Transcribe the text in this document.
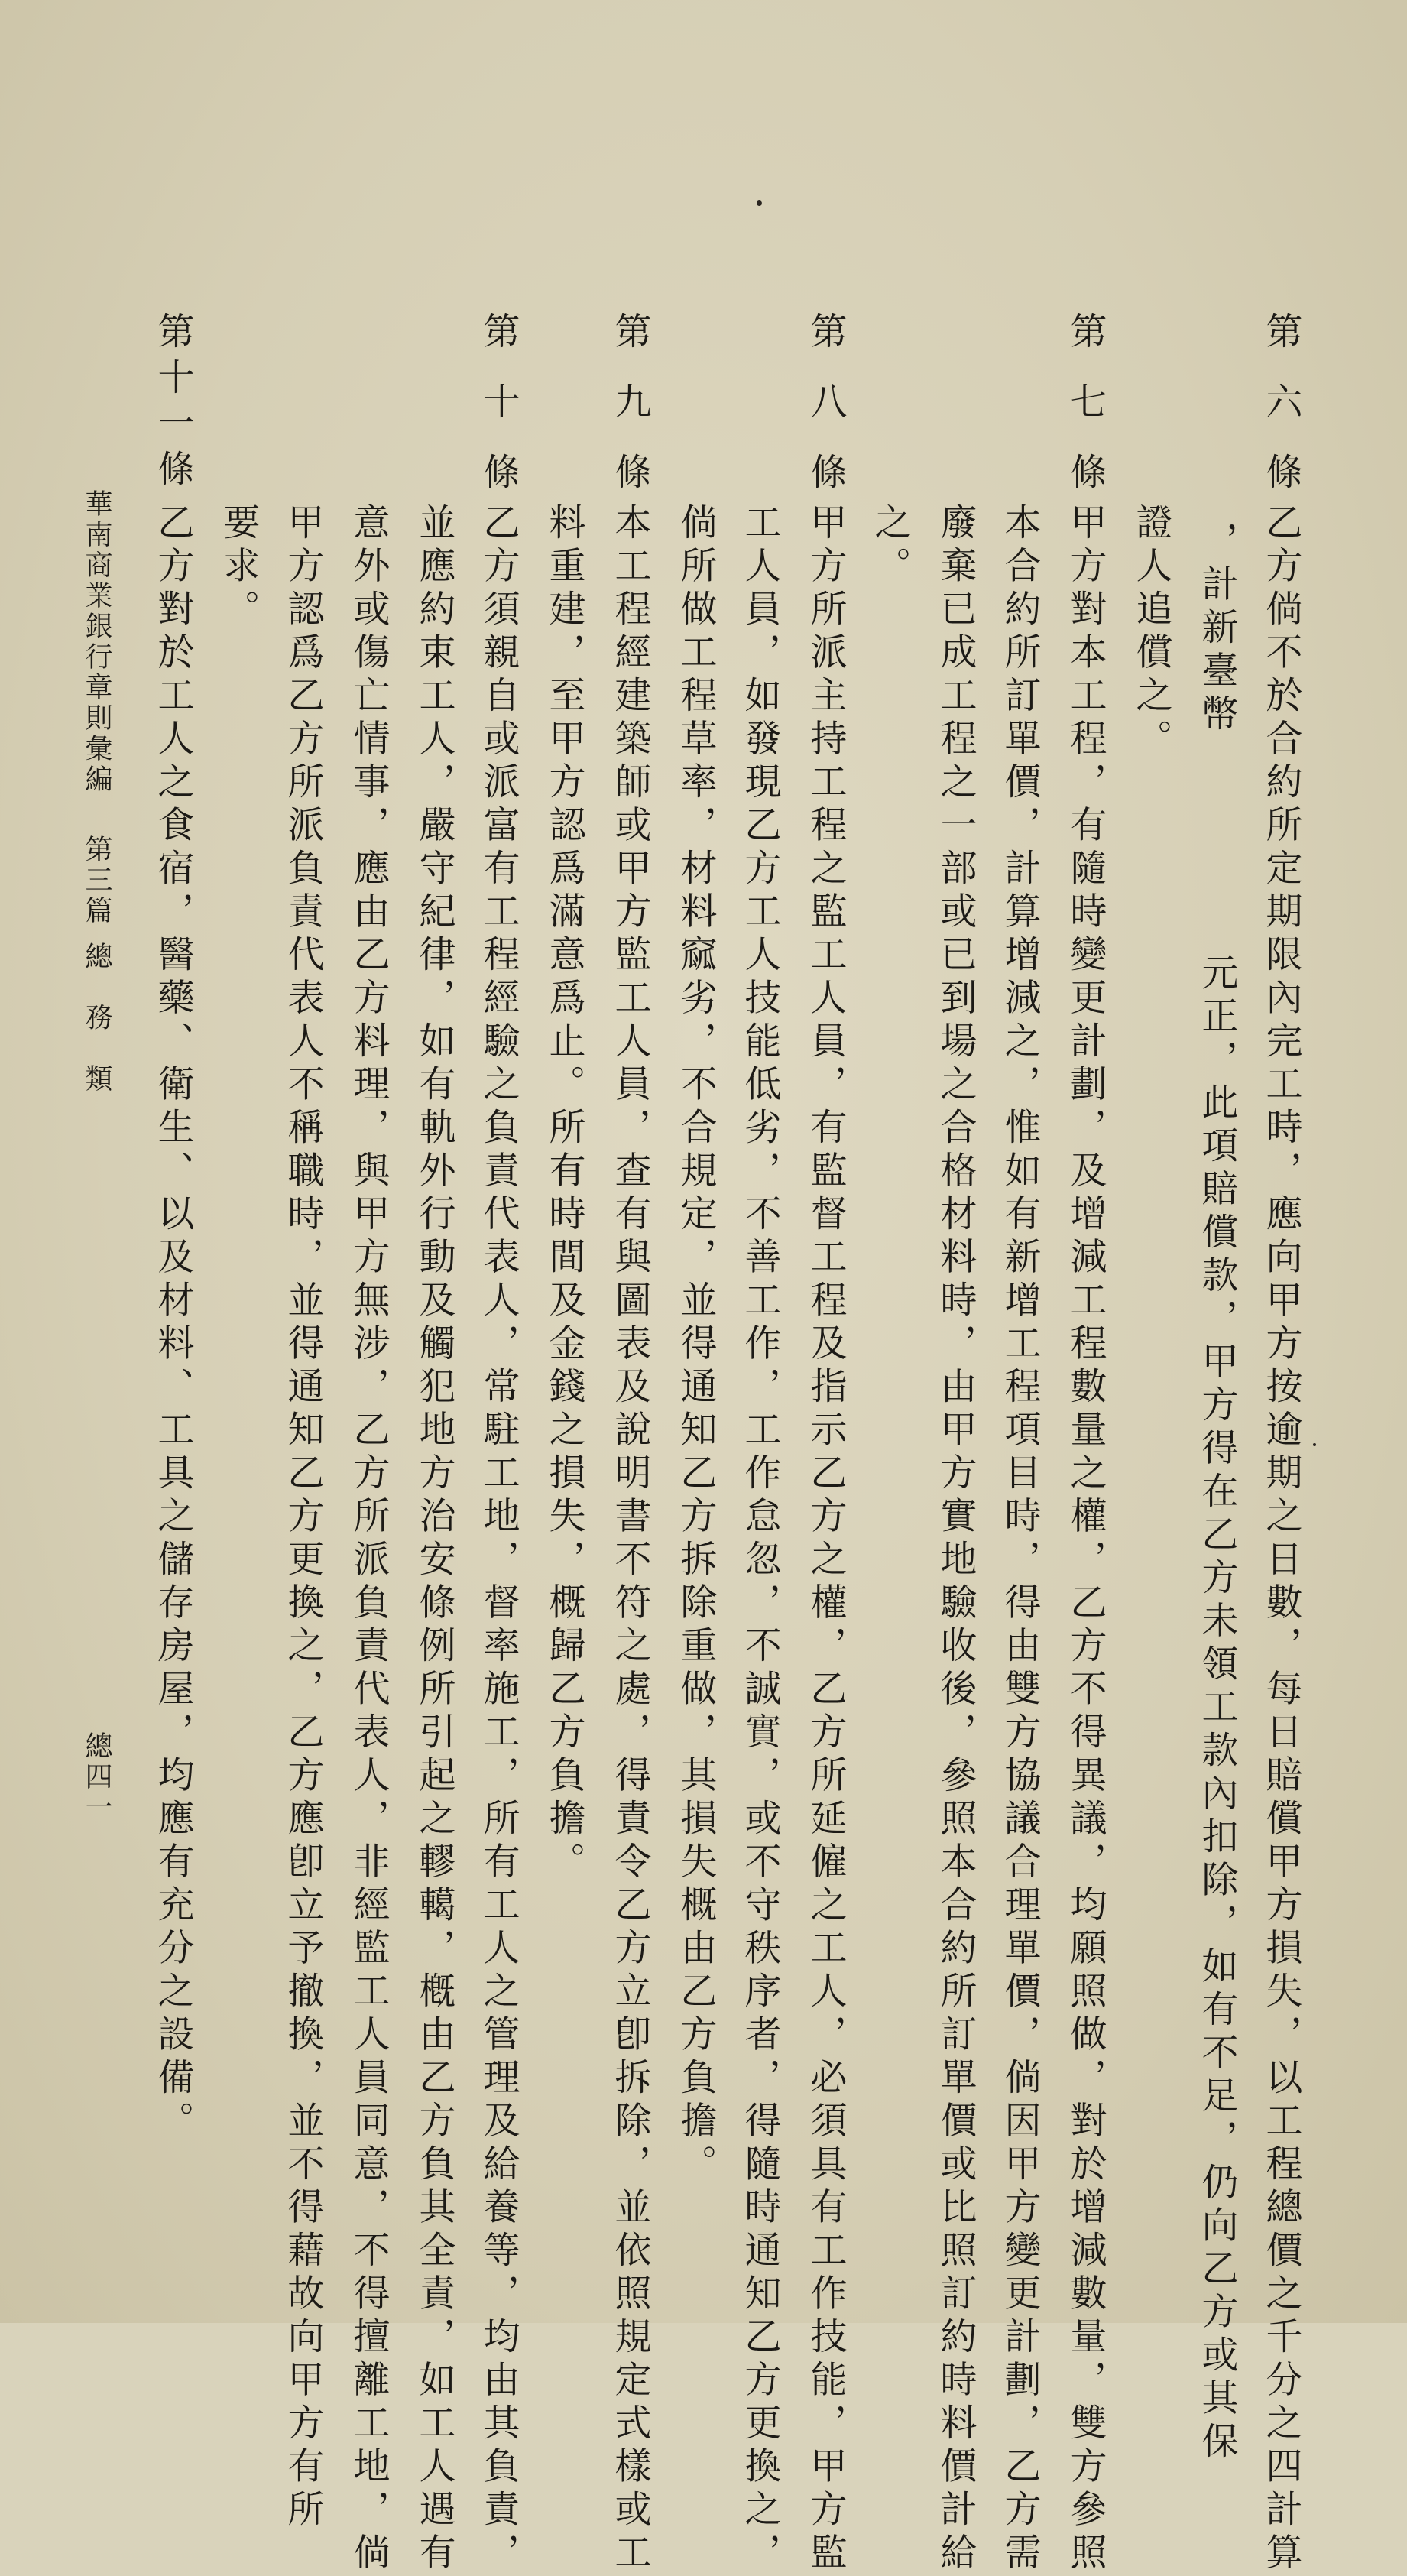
第六條
乙方倘不於合約所定期限內完工時，應向甲方按逾期之日數，每日賠償甲方損失，以工程總價之千分之四計算
，計新臺幣　　　　　元正，此項賠償款，甲方得在乙方未領工款內扣除，如有不足，仍向乙方或其保
證人追償之。
第七條
甲方對本工程，有隨時變更計劃，及增減工程數量之權，乙方不得異議，均願照做，對於增減數量，雙方參照
本合約所訂單價，計算增減之，惟如有新增工程項目時，得由雙方協議合理單價，倘因甲方變更計劃，乙方需
廢棄已成工程之一部或已到場之合格材料時，由甲方實地驗收後，參照本合約所訂單價或比照訂約時料價計給
之。
第八條
甲方所派主持工程之監工人員，有監督工程及指示乙方之權，乙方所延僱之工人，必須具有工作技能，甲方監
工人員，如發現乙方工人技能低劣，不善工作，工作怠忽，不誠實，或不守秩序者，得隨時通知乙方更換之，
倘所做工程草率，材料窳劣，不合規定，並得通知乙方拆除重做，其損失概由乙方負擔。
第九條
本工程經建築師或甲方監工人員，查有與圖表及說明書不符之處，得責令乙方立卽拆除，並依照規定式樣或工
料重建，至甲方認爲滿意爲止。所有時間及金錢之損失，概歸乙方負擔。
第十條
乙方須親自或派富有工程經驗之負責代表人，常駐工地，督率施工，所有工人之管理及給養等，均由其負責，
並應約束工人，嚴守紀律，如有軌外行動及觸犯地方治安條例所引起之轇轕，槪由乙方負其全責，如工人遇有
意外或傷亡情事，應由乙方料理，與甲方無涉，乙方所派負責代表人，非經監工人員同意，不得擅離工地，倘
甲方認爲乙方所派負責代表人不稱職時，並得通知乙方更換之，乙方應卽立予撤換，並不得藉故向甲方有所
要求。
第十一條
乙方對於工人之食宿，醫藥、衛生、以及材料、工具之儲存房屋，均應有充分之設備。
華南商業銀行章則彙編第三篇總　務　類
總四一
